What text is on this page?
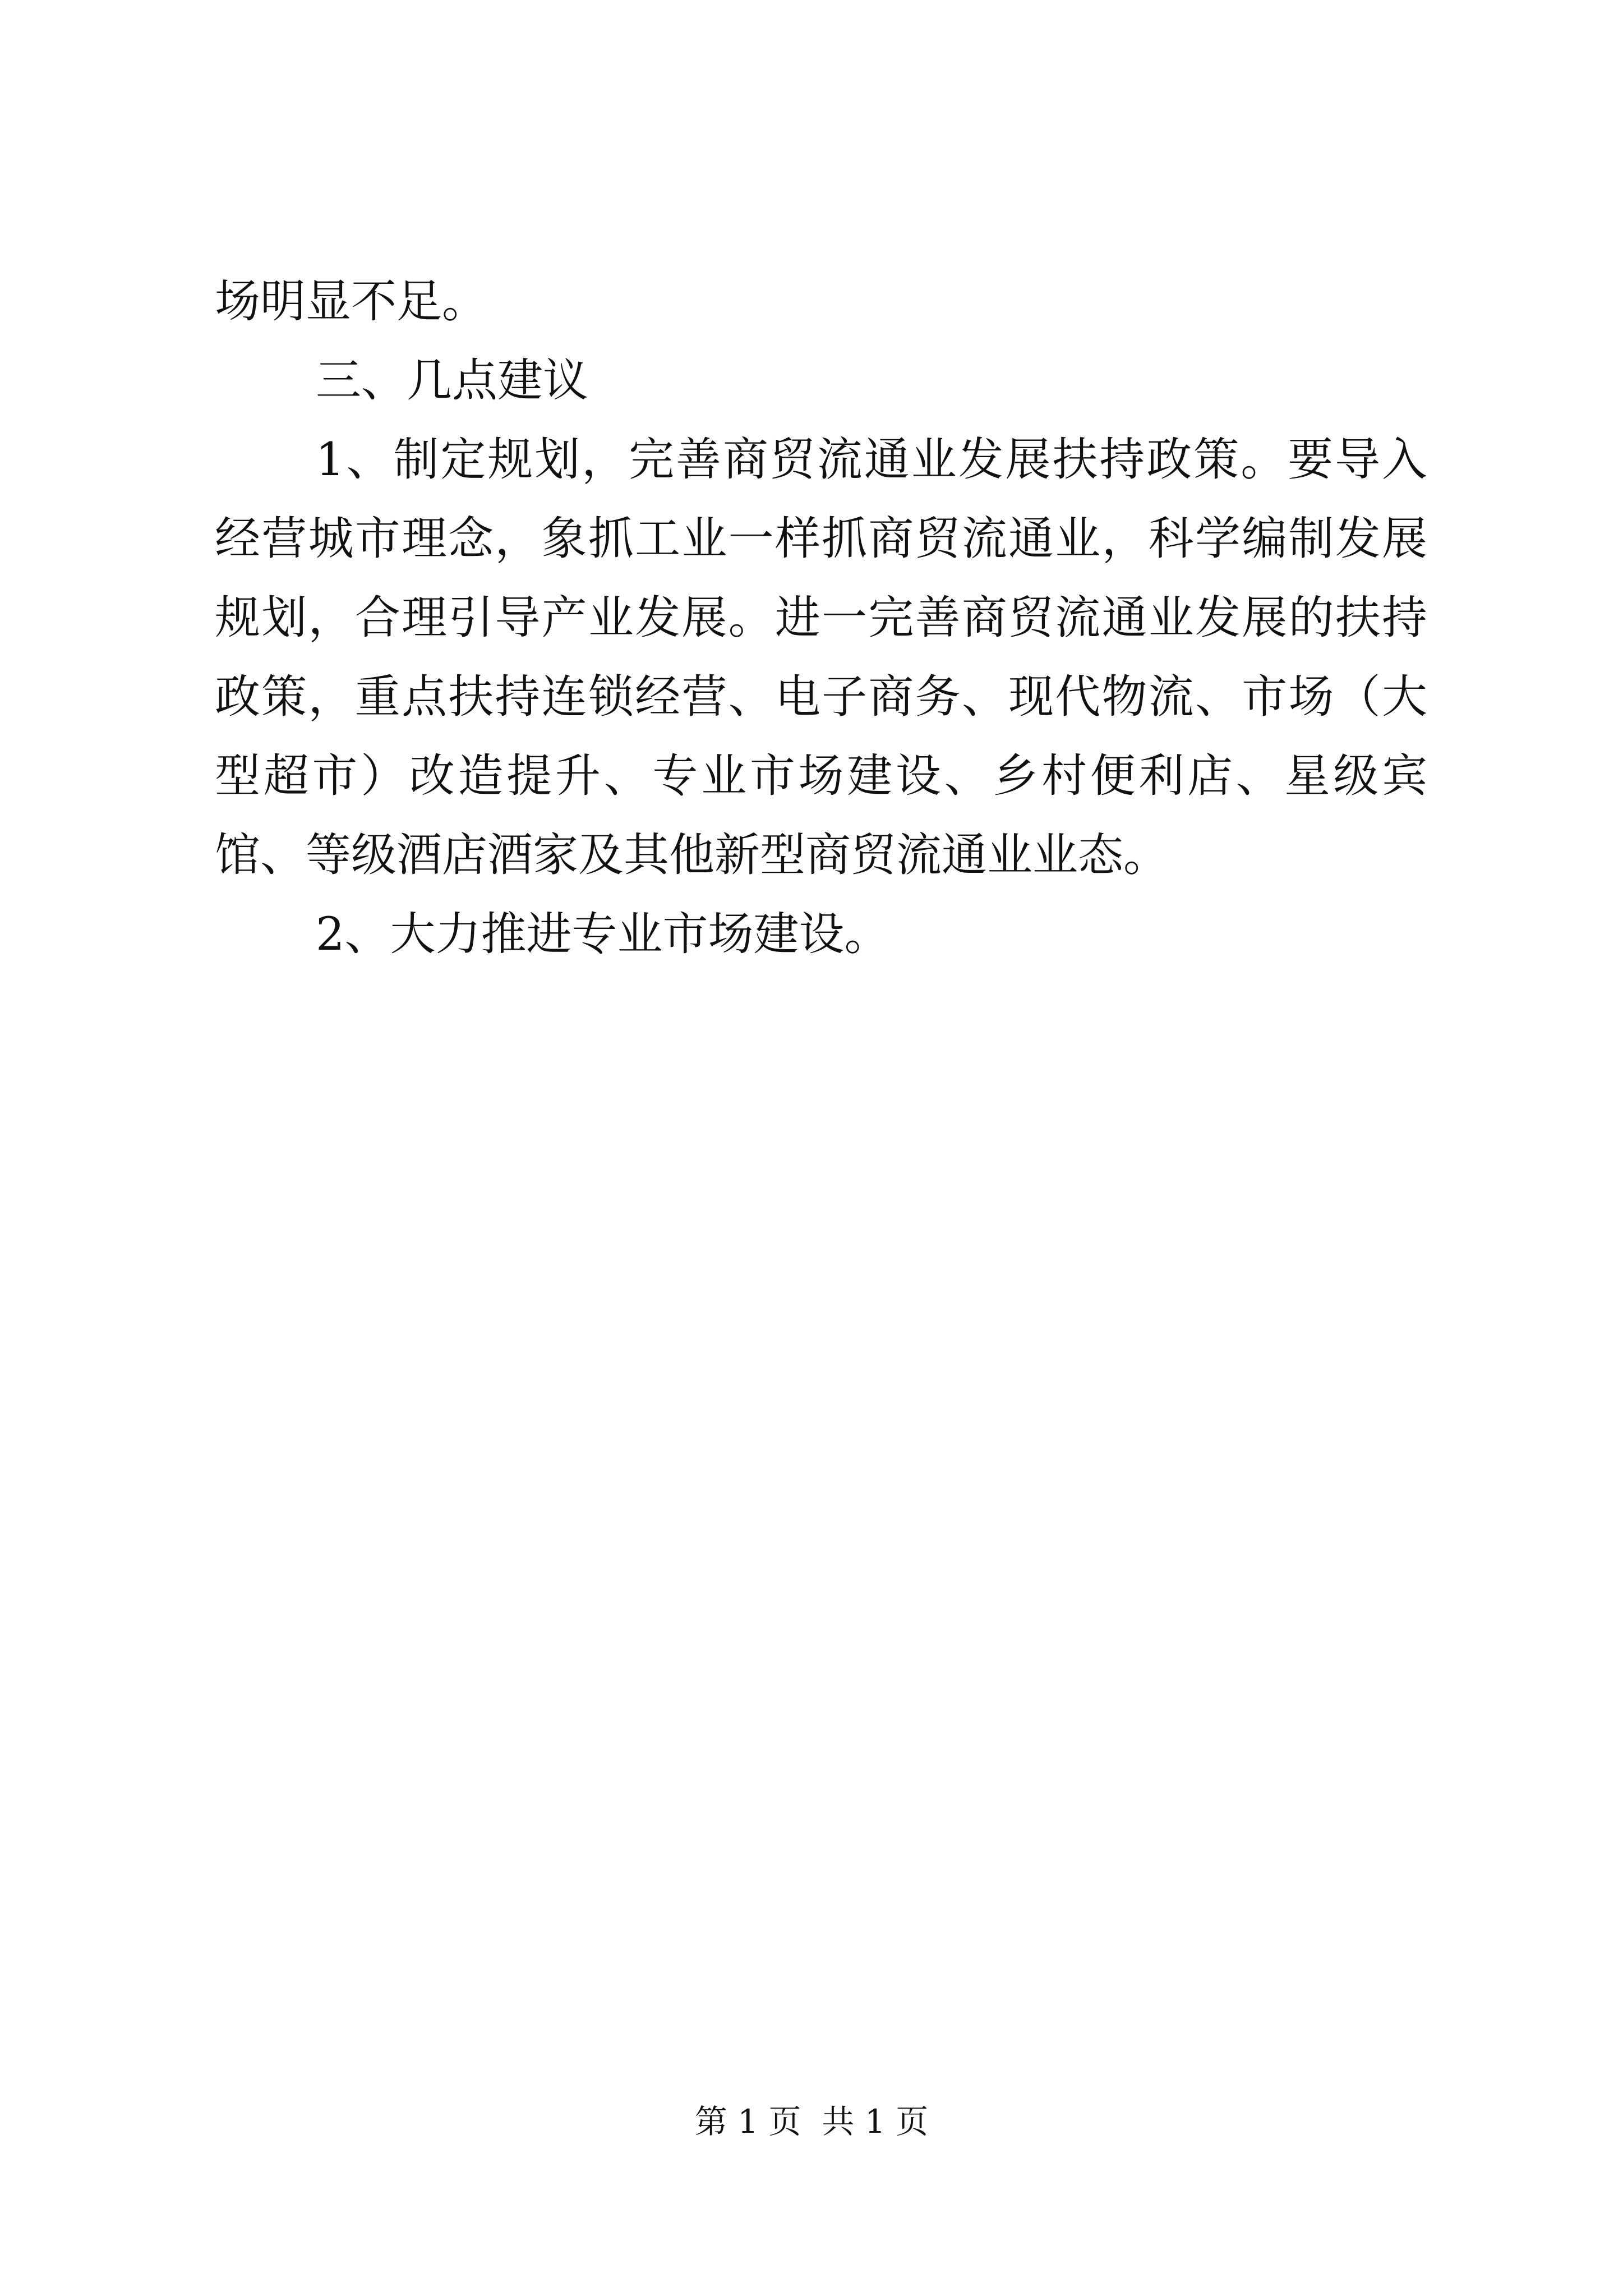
场明显不足。

三、几点建议

1、制定规划，完善商贸流通业发展扶持政策。要导入经营城市理念，象抓工业一样抓商贸流通业，科学编制发展规划，合理引导产业发展。进一完善商贸流通业发展的扶持政策，重点扶持连锁经营、电子商务、现代物流、市场（大型超市）改造提升、专业市场建设、乡村便利店、星级宾馆、等级酒店酒家及其他新型商贸流通业业态。

2、大力推进专业市场建设。

第 1 页  共 1 页
